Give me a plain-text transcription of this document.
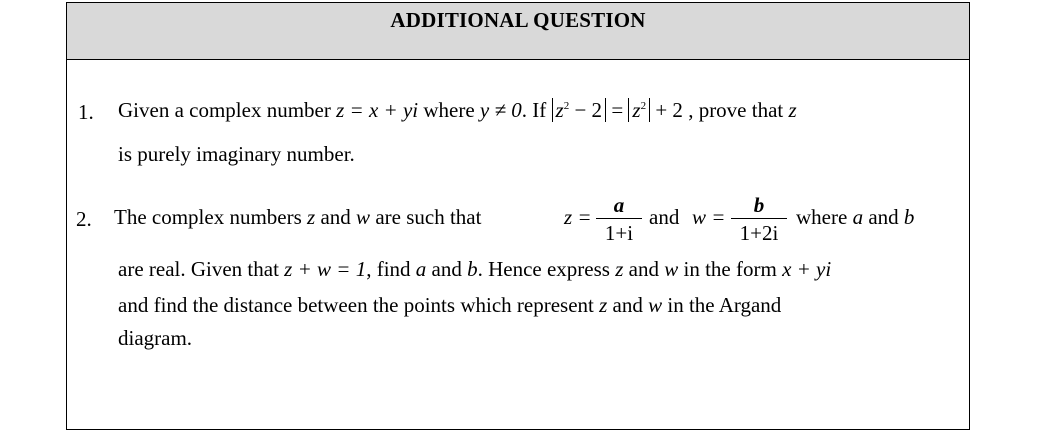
ADDITIONAL QUESTION
1. Given a complex number z = x + yi where y ≠ 0. If $z^2 - 2 = z^2 + 2$ , prove that z
is purely imaginary number.
2. The complex numbers z and w are such that	z =	a
1+i
and w =	b
1+2i
where a and b
are real. Given that z + w = 1, find a and b. Hence express z and w in the form x + yi
and find the distance between the points which represent z and w in the Argand
diagram.
